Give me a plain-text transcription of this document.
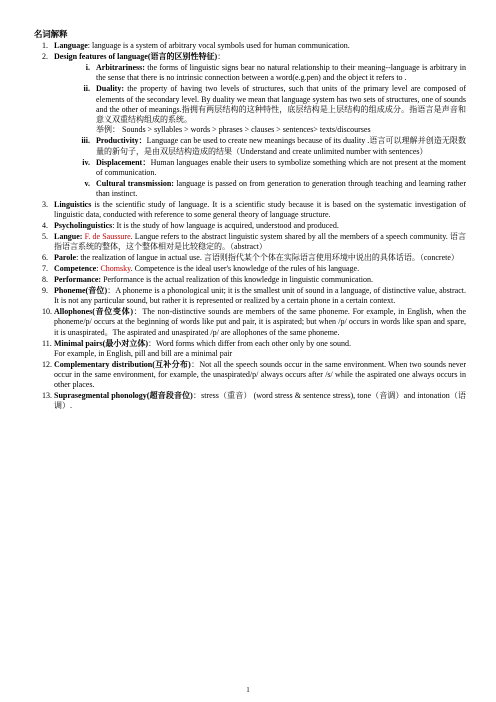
名词解释
1. Language: language is a system of arbitrary vocal symbols used for human communication.
2. Design features of language(语言的区别性特征)：
i. Arbitrariness: the forms of linguistic signs bear no natural relationship to their meaning--language is arbitrary in the sense that there is no intrinsic connection between a word(e.g.pen) and the object it refers to .
ii. Duality: the property of having two levels of structures, such that units of the primary level are composed of elements of the secondary level. By duality we mean that language system has two sets of structures, one of sounds and the other of meanings.指拥有两层结构的这种特性，底层结构是上层结构的组成成分。指语言是声音和意义双重结构组成的系统。
举例： Sounds > syllables > words > phrases > clauses > sentences> texts/discourses
iii. Productivity：Language can be used to create new meanings because of its duality .语言可以理解并创造无限数量的新句子，是由双层结构造成的结果（Understand and create unlimited number with sentences）
iv. Displacement：Human languages enable their users to symbolize something which are not present at the moment of communication.
v. Cultural transmission: language is passed on from generation to generation through teaching and learning rather than instinct.
3. Linguistics is the scientific study of language. It is a scientific study because it is based on the systematic investigation of linguistic data, conducted with reference to some general theory of language structure.
4. Psycholinguistics: It is the study of how language is acquired, understood and produced.
5. Langue: F. de Saussure. Langue refers to the abstract linguistic system shared by all the members of a speech community. 语言指语言系统的整体，这个整体相对是比较稳定的。（abstract）
6. Parole: the realization of langue in actual use. 言语则指代某个个体在实际语言使用环境中说出的具体话语。（concrete）
7. Competence: Chomsky. Competence is the ideal user's knowledge of the rules of his language.
8. Performance: Performance is the actual realization of this knowledge in linguistic communication.
9. Phoneme(音位)：A phoneme is a phonological unit; it is the smallest unit of sound in a language, of distinctive value, abstract. It is not any particular sound, but rather it is represented or realized by a certain phone in a certain context.
10. Allophones(音位变体)：The non-distinctive sounds are members of the same phoneme. For example, in English, when the phoneme/p/ occurs at the beginning of words like put and pair, it is aspirated; but when /p/ occurs in words like span and spare, it is unaspirated。The aspirated and unaspirated /p/ are allophones of the same phoneme.
11. Minimal pairs(最小对立体)：Word forms which differ from each other only by one sound.
For example, in English, pill and bill are a minimal pair
12. Complementary distribution(互补分布)：Not all the speech sounds occur in the same environment. When two sounds never occur in the same environment, for example, the unaspirated/p/ always occurs after /s/ while the aspirated one always occurs in other places.
13. Suprasegmental phonology(超音段音位)：stress（重音） (word stress & sentence stress), tone（音调）and intonation（语调）.
1
